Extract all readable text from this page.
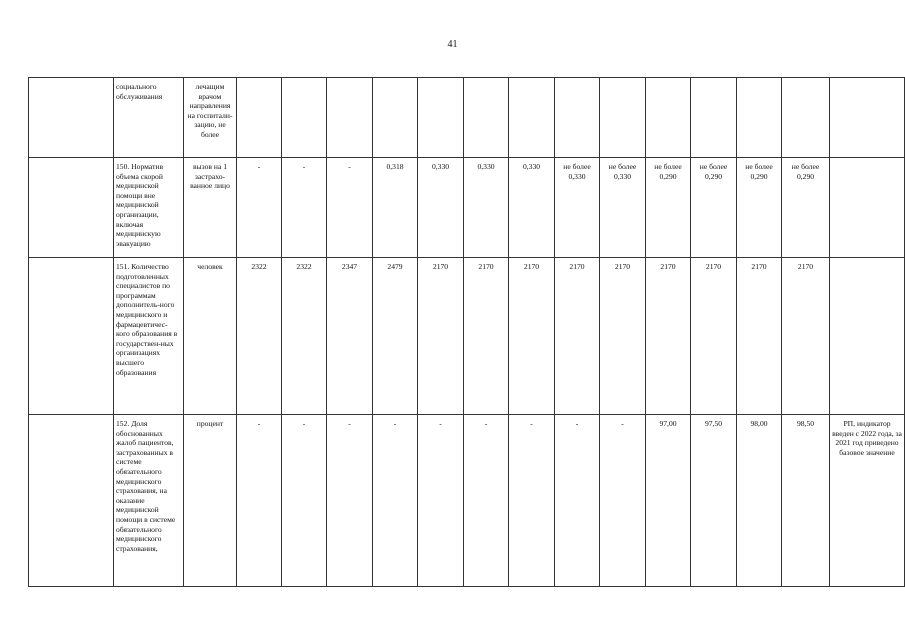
41
	социального обслуживания	лечащим врачом направления на госпитали-зацию, не более														
	150. Норматив объема скорой медицинской помощи вне медицинской организации, включая медицинскую эвакуацию	вызов на 1 застрахо-ванное лицо	-	-	-	0,318	0,330	0,330	0,330	не более 0,330	не более 0,330	не более 0,290	не более 0,290	не более 0,290	не более 0,290	
	151. Количество подготовленных специалистов по программам дополнитель-ного медицинского и фармацевтичес-кого образования в государствен-ных организациях высшего образования	человек	2322	2322	2347	2479	2170	2170	2170	2170	2170	2170	2170	2170	2170	
	152. Доля обоснованных жалоб пациентов, застрахованных в системе обязательного медицинского страхования, на оказание медицинской помощи в системе обязательного медицинского страхования,	процент	-	-	-	-	-	-	-	-	-	97,00	97,50	98,00	98,50	РП, индикатор введен с 2022 года, за 2021 год приведено базовое значение
